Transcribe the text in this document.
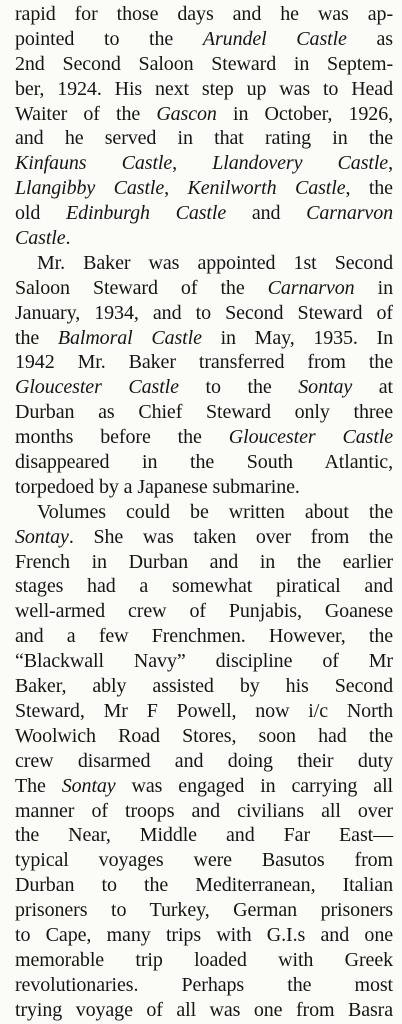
rapid for those days and he was ap-
pointed to the Arundel Castle as
2nd Second Saloon Steward in Septem-
ber, 1924. His next step up was to Head
Waiter of the Gascon in October, 1926,
and he served in that rating in the
Kinfauns Castle, Llandovery Castle,
Llangibby Castle, Kenilworth Castle, the
old Edinburgh Castle and Carnarvon
Castle.
Mr. Baker was appointed 1st Second
Saloon Steward of the Carnarvon in
January, 1934, and to Second Steward of
the Balmoral Castle in May, 1935. In
1942 Mr. Baker transferred from the
Gloucester Castle to the Sontay at
Durban as Chief Steward only three
months before the Gloucester Castle
disappeared in the South Atlantic,
torpedoed by a Japanese submarine.
Volumes could be written about the
Sontay. She was taken over from the
French in Durban and in the earlier
stages had a somewhat piratical and
well-armed crew of Punjabis, Goanese
and a few Frenchmen. However, the
“Blackwall Navy” discipline of Mr
Baker, ably assisted by his Second
Steward, Mr F Powell, now i/c North
Woolwich Road Stores, soon had the
crew disarmed and doing their duty
The Sontay was engaged in carrying all
manner of troops and civilians all over
the Near, Middle and Far East—
typical voyages were Basutos from
Durban to the Mediterranean, Italian
prisoners to Turkey, German prisoners
to Cape, many trips with G.I.s and one
memorable trip loaded with Greek
revolutionaries. Perhaps the most
trying voyage of all was one from Basra
